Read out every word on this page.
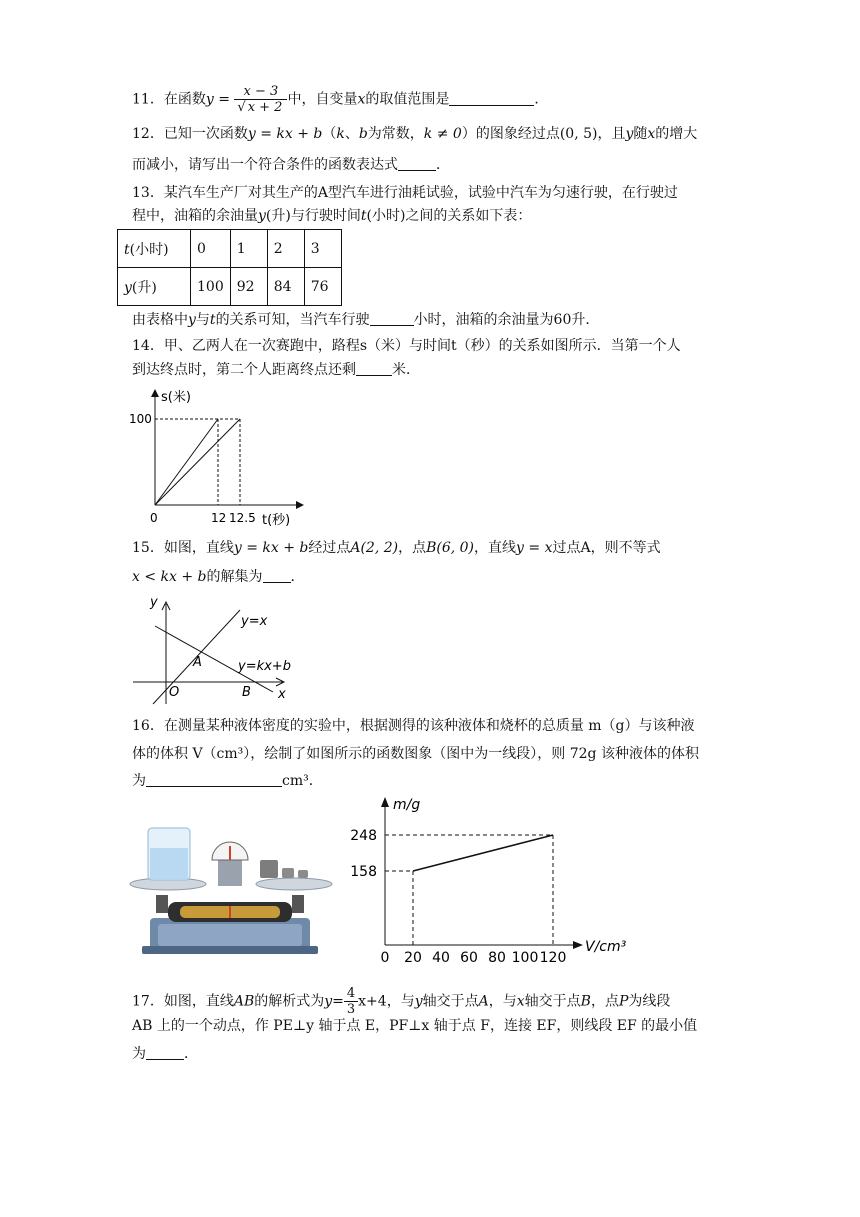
11．在函数$y = \frac{x - 3}{√ x + 2}$ 中，自变量x的取值范围是	．
12．已知一次函数y = kx + b（k、b为常数，k ≠ 0）的图象经过点(0, 5)，且y随x的增大
而减小，请写出一个符合条件的函数表达式	．
13．某汽车生产厂对其生产的A型汽车进行油耗试验，试验中汽车为匀速行驶，在行驶过
程中，油箱的余油量y(升)与行驶时间t(小时)之间的关系如下表：
t(小时)	0	1	2	3
y(升)	100	92	84	76
由表格中y与t的关系可知，当汽车行驶	小时，油箱的余油量为60升．
14．甲、乙两人在一次赛跑中，路程s（米）与时间t（秒）的关系如图所示．当第一个人
到达终点时，第二个人距离终点还剩	米．
s(米)
100
0	12 12.5 t(秒)
15．如图，直线y = kx + b经过点A(2, 2)，点B(6, 0)，直线y = x过点A，则不等式
x < kx + b的解集为 ．
y
x
O
A
B
y=x
y=kx+b
16．在测量某种液体密度的实验中，根据测得的该种液体和烧杯的总质量 m（g）与该种液
体的体积 V（cm³），绘制了如图所示的函数图象（图中为一线段），则 72g 该种液体的体积
为	cm³．
0 20 40 60 80 100 120
158
248
m/g
V/cm³
17．如图，直线AB的解析式为$y= \frac{4}{3} x+4$，与y轴交于点A，与x轴交于点B，点P为线段
AB 上的一个动点，作 PE⊥y 轴于点 E，PF⊥x 轴于点 F，连接 EF，则线段 EF 的最小值
为	．
